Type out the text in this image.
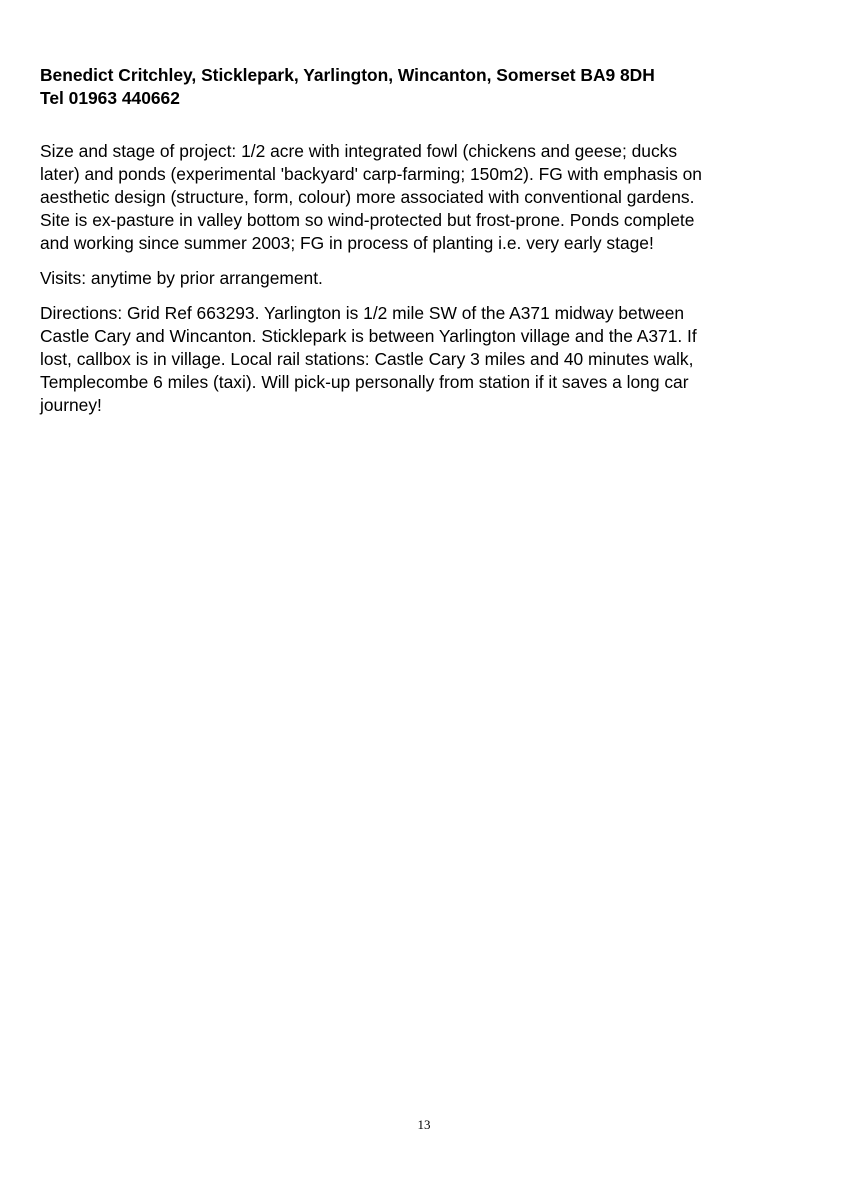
Benedict Critchley, Sticklepark, Yarlington, Wincanton, Somerset BA9 8DH
Tel 01963 440662
Size and stage of project: 1/2 acre with integrated fowl (chickens and geese; ducks
later) and ponds (experimental 'backyard' carp-farming; 150m2). FG with emphasis on
aesthetic design (structure, form, colour) more associated with conventional gardens.
Site is ex-pasture in valley bottom so wind-protected but frost-prone. Ponds complete
and working since summer 2003; FG in process of planting i.e. very early stage!
Visits: anytime by prior arrangement.
Directions: Grid Ref 663293. Yarlington is 1/2 mile SW of the A371 midway between
Castle Cary and Wincanton. Sticklepark is between Yarlington village and the A371. If
lost, callbox is in village. Local rail stations: Castle Cary 3 miles and 40 minutes walk,
Templecombe 6 miles (taxi). Will pick-up personally from station if it saves a long car
journey!
13
